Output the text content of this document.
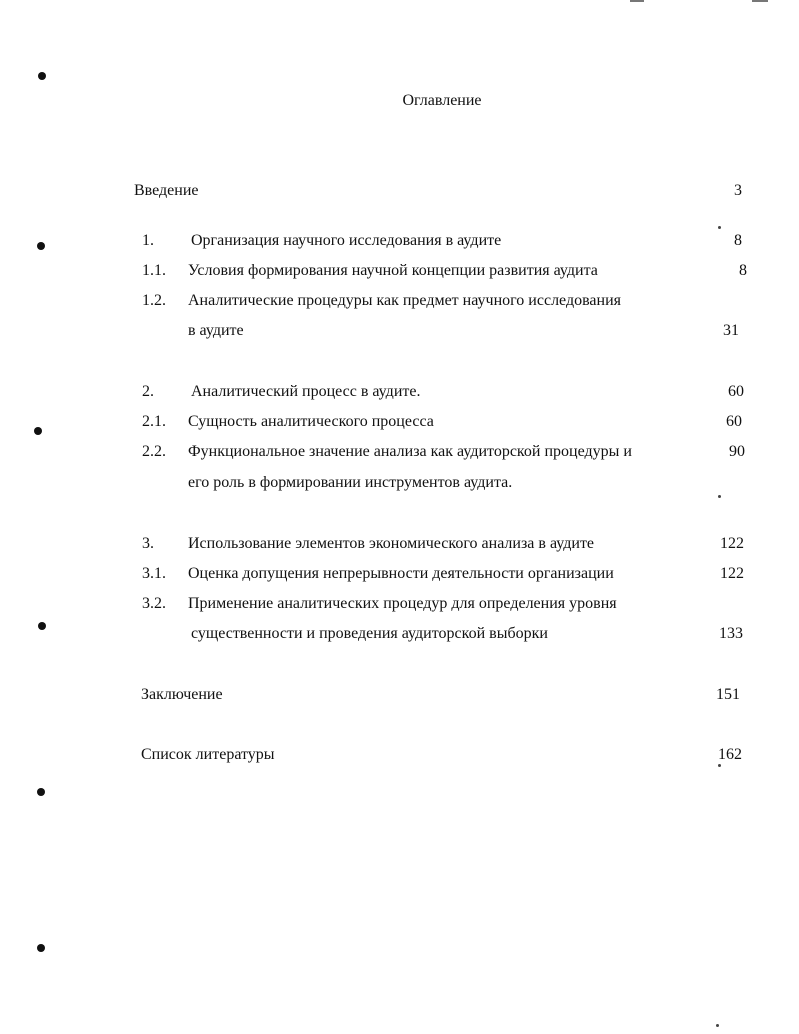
Оглавление
Введение	3
1. Организация научного исследования в аудите	8
1.1. Условия формирования научной концепции развития аудита	8
1.2. Аналитические процедуры как предмет научного исследования
в аудите	31
2. Аналитический процесс в аудите.	60
2.1. Сущность аналитического процесса	60
2.2. Функциональное значение анализа как аудиторской процедуры и	90
его роль в формировании инструментов аудита.
3. Использование элементов экономического анализа в аудите	122
3.1. Оценка допущения непрерывности деятельности организации	122
3.2. Применение аналитических процедур для определения уровня
существенности и проведения аудиторской выборки	133
Заключение	151
Список литературы	162
